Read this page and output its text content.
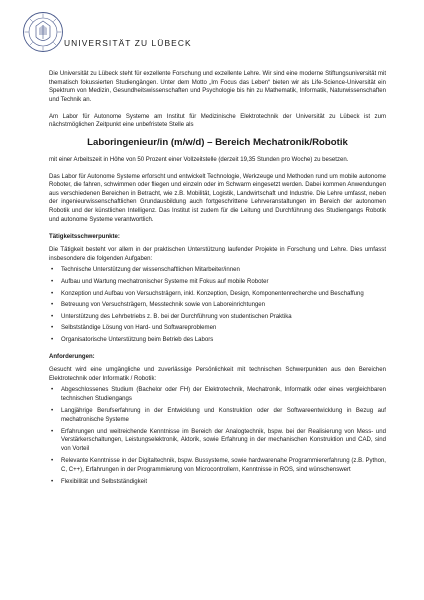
UNIVERSITÄT ZU LÜBECK

Die Universität zu Lübeck steht für exzellente Forschung und exzellente Lehre. Wir sind eine moderne Stiftungsuniversität mit thematisch fokussierten Studiengängen. Unter dem Motto „Im Focus das Leben“ bieten wir als Life-Science-Universität ein Spektrum von Medizin, Gesundheitswissenschaften und Psychologie bis hin zu Mathematik, Informatik, Naturwissenschaften und Technik an.

Am Labor für Autonome Systeme am Institut für Medizinische Elektrotechnik der Universität zu Lübeck ist zum nächstmöglichen Zeitpunkt eine unbefristete Stelle als

Laboringenieur/in (m/w/d) – Bereich Mechatronik/Robotik

mit einer Arbeitszeit in Höhe von 50 Prozent einer Vollzeitstelle (derzeit 19,35 Stunden pro Woche) zu besetzen.

Das Labor für Autonome Systeme erforscht und entwickelt Technologie, Werkzeuge und Methoden rund um mobile autonome Roboter, die fahren, schwimmen oder fliegen und einzeln oder im Schwarm eingesetzt werden. Dabei kommen Anwendungen aus verschiedenen Bereichen in Betracht, wie z.B. Mobilität, Logistik, Landwirtschaft und Industrie. Die Lehre umfasst, neben der ingenieurwissenschaftlichen Grundausbildung auch fortgeschrittene Lehrveranstaltungen im Bereich der autonomen Robotik und der künstlichen Intelligenz. Das Institut ist zudem für die Leitung und Durchführung des Studiengangs Robotik und autonome Systeme verantwortlich.

Tätigkeitsschwerpunkte:

Die Tätigkeit besteht vor allem in der praktischen Unterstützung laufender Projekte in Forschung und Lehre. Dies umfasst insbesondere die folgenden Aufgaben:

• Technische Unterstützung der wissenschaftlichen Mitarbeiter/innen
• Aufbau und Wartung mechatronischer Systeme mit Fokus auf mobile Roboter
• Konzeption und Aufbau von Versuchsträgern, inkl. Konzeption, Design, Komponentenrecherche und Beschaffung
• Betreuung von Versuchsträgern, Messtechnik sowie von Laboreinrichtungen
• Unterstützung des Lehrbetriebs z. B. bei der Durchführung von studentischen Praktika
• Selbstständige Lösung von Hard- und Softwareproblemen
• Organisatorische Unterstützung beim Betrieb des Labors

Anforderungen:

Gesucht wird eine umgängliche und zuverlässige Persönlichkeit mit technischen Schwerpunkten aus den Bereichen Elektrotechnik oder Informatik / Robotik:

• Abgeschlossenes Studium (Bachelor oder FH) der Elektrotechnik, Mechatronik, Informatik oder eines vergleichbaren technischen Studiengangs
• Langjährige Berufserfahrung in der Entwicklung und Konstruktion oder der Softwareentwicklung in Bezug auf mechatronische Systeme
• Erfahrungen und weitreichende Kenntnisse im Bereich der Analogtechnik, bspw. bei der Realisierung von Mess- und Verstärkerschaltungen, Leistungselektronik, Aktorik, sowie Erfahrung in der mechanischen Konstruktion und CAD, sind von Vorteil
• Relevante Kenntnisse in der Digitaltechnik, bspw. Bussysteme, sowie hardwarenahe Programmiererfahrung (z.B. Python, C, C++), Erfahrungen in der Programmierung von Microcontrollern, Kenntnisse in ROS, sind wünschenswert
• Flexibilität und Selbstständigkeit
